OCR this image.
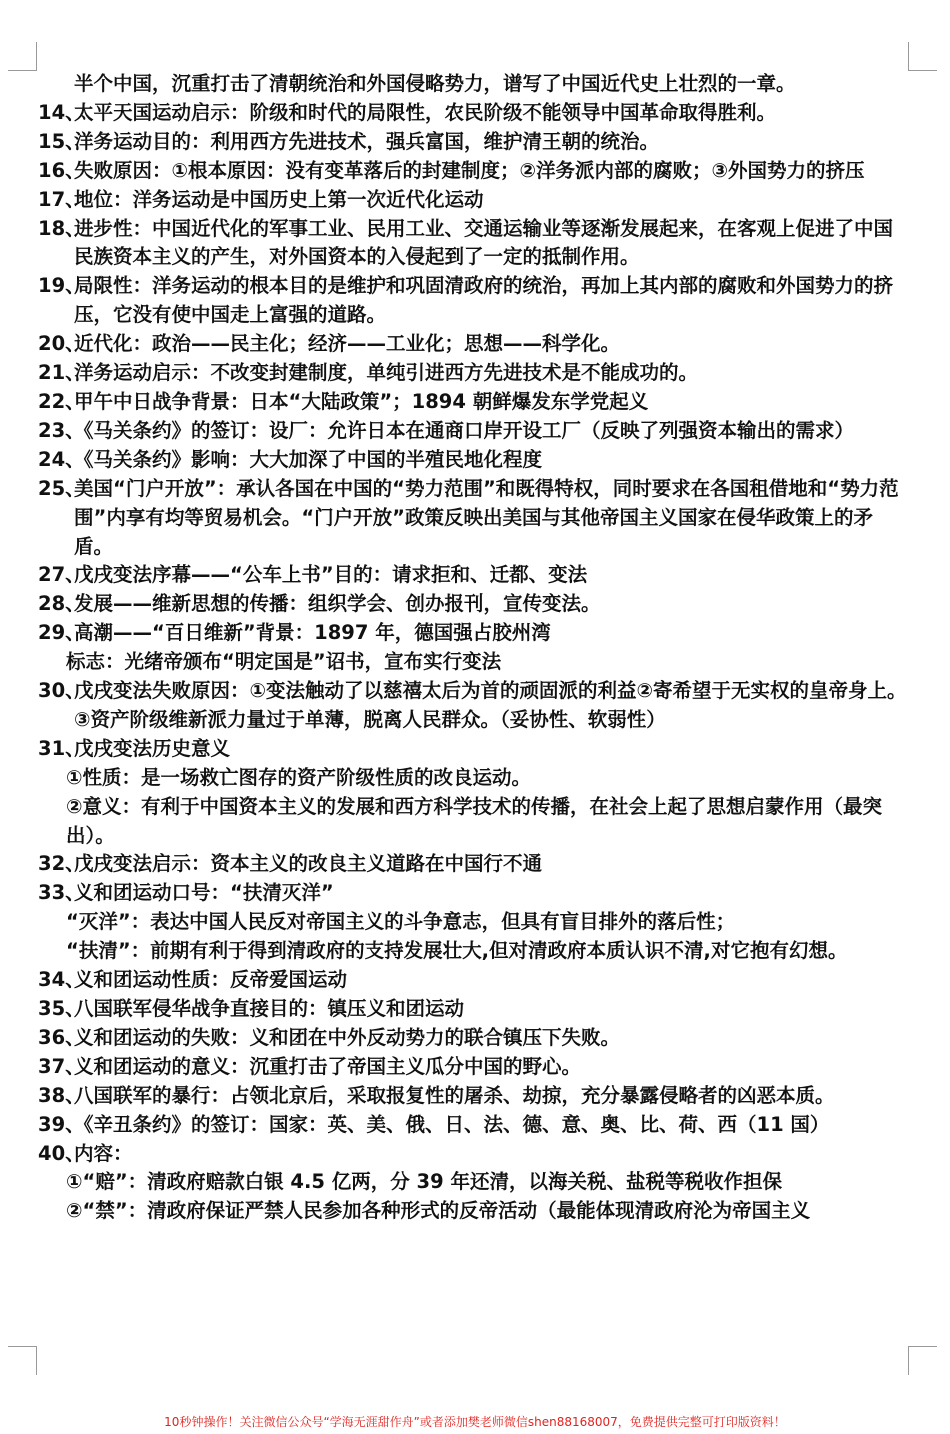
半个中国，沉重打击了清朝统治和外国侵略势力，谱写了中国近代史上壮烈的一章。
14、
太平天国运动启示：阶级和时代的局限性，农民阶级不能领导中国革命取得胜利。
15、
洋务运动目的：利用西方先进技术，强兵富国，维护清王朝的统治。
16、
失败原因：①根本原因：没有变革落后的封建制度；②洋务派内部的腐败；③外国势力的挤压
17、
地位：洋务运动是中国历史上第一次近代化运动
18、
进步性：中国近代化的军事工业、民用工业、交通运输业等逐渐发展起来，在客观上促进了中国民族资本主义的产生，对外国资本的入侵起到了一定的抵制作用。
19、
局限性：洋务运动的根本目的是维护和巩固清政府的统治，再加上其内部的腐败和外国势力的挤压，它没有使中国走上富强的道路。
20、
近代化：政治——民主化；经济——工业化；思想——科学化。
21、
洋务运动启示：不改变封建制度，单纯引进西方先进技术是不能成功的。
22、
甲午中日战争背景：日本“大陆政策”；1894 朝鲜爆发东学党起义
23、
《马关条约》的签订：设厂：允许日本在通商口岸开设工厂（反映了列强资本输出的需求）
24、
《马关条约》影响：大大加深了中国的半殖民地化程度
25、
美国“门户开放”：承认各国在中国的“势力范围”和既得特权，同时要求在各国租借地和“势力范围”内享有均等贸易机会。“门户开放”政策反映出美国与其他帝国主义国家在侵华政策上的矛盾。
27、
戊戌变法序幕——“公车上书”目的：请求拒和、迁都、变法
28、
发展——维新思想的传播：组织学会、创办报刊，宣传变法。
29、
高潮——“百日维新”背景：1897 年，德国强占胶州湾
标志：光绪帝颁布“明定国是”诏书，宣布实行变法
30、
戊戌变法失败原因：①变法触动了以慈禧太后为首的顽固派的利益②寄希望于无实权的皇帝身上。③资产阶级维新派力量过于单薄，脱离人民群众。（妥协性、软弱性）
31、
戊戌变法历史意义
①性质：是一场救亡图存的资产阶级性质的改良运动。
②意义：有利于中国资本主义的发展和西方科学技术的传播，在社会上起了思想启蒙作用（最突出）。
32、
戊戌变法启示：资本主义的改良主义道路在中国行不通
33、
义和团运动口号：“扶清灭洋”
“灭洋”：表达中国人民反对帝国主义的斗争意志，但具有盲目排外的落后性；
“扶清”：前期有利于得到清政府的支持发展壮大,但对清政府本质认识不清,对它抱有幻想。
34、
义和团运动性质：反帝爱国运动
35、
八国联军侵华战争直接目的：镇压义和团运动
36、
义和团运动的失败：义和团在中外反动势力的联合镇压下失败。
37、
义和团运动的意义：沉重打击了帝国主义瓜分中国的野心。
38、
八国联军的暴行：占领北京后，采取报复性的屠杀、劫掠，充分暴露侵略者的凶恶本质。
39、
《辛丑条约》的签订：国家：英、美、俄、日、法、德、意、奥、比、荷、西（11 国）
40、
内容：
①“赔”：清政府赔款白银 4.5 亿两，分 39 年还清，以海关税、盐税等税收作担保
②“禁”：清政府保证严禁人民参加各种形式的反帝活动（最能体现清政府沦为帝国主义
10秒钟操作！关注微信公众号“学海无涯甜作舟”或者添加樊老师微信shen88168007，免费提供完整可打印版资料！
